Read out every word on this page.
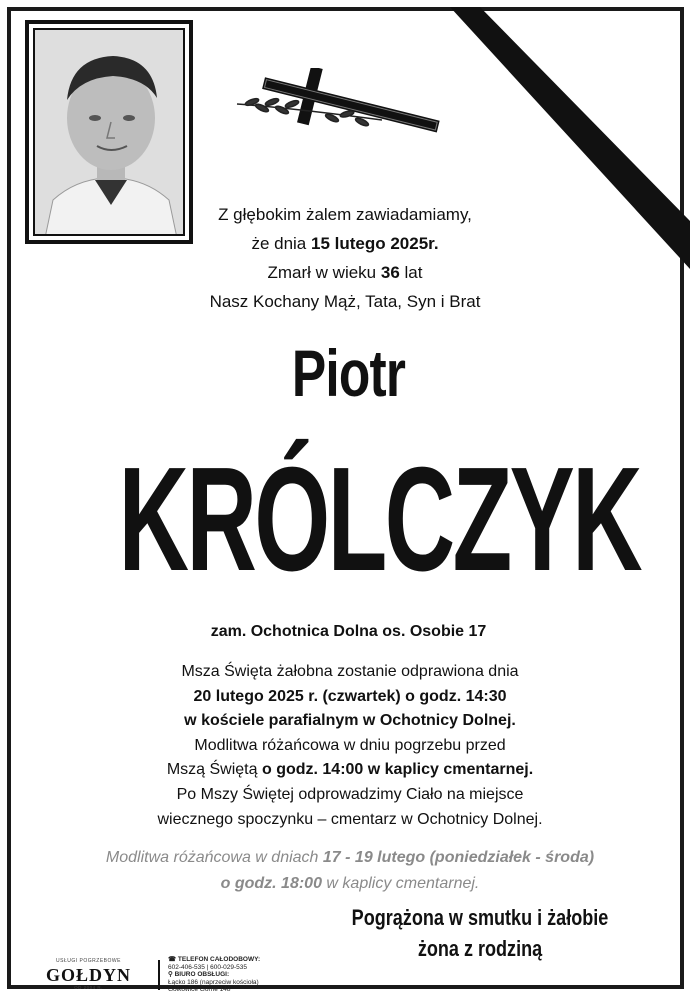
Z głębokim żalem zawiadamiamy,
że dnia 15 lutego 2025r.
Zmarł w wieku 36 lat
Nasz Kochany Mąż, Tata, Syn i Brat
Piotr
KRÓLCZYK
zam. Ochotnica Dolna os. Osobie 17
Msza Święta żałobna zostanie odprawiona dnia
20 lutego 2025 r. (czwartek) o godz. 14:30
w kościele parafialnym w Ochotnicy Dolnej.
Modlitwa różańcowa w dniu pogrzebu przed
Mszą Świętą o godz. 14:00 w kaplicy cmentarnej.
Po Mszy Świętej odprowadzimy Ciało na miejsce
wiecznego spoczynku – cmentarz w Ochotnicy Dolnej.
Modlitwa różańcowa w dniach 17 - 19 lutego (poniedziałek - środa)
o godz. 18:00 w kaplicy cmentarnej.
Pogrążona w smutku i żałobie
żona z rodziną
USŁUGI POGRZEBOWE
GOŁDYN
OD 2004 R.
☎ TELEFON CAŁODOBOWY:
602-406-535 | 600-029-535
⚲ BIURO OBSŁUGI:
Łącko 186 (naprzeciw kościoła)
Gołkowice Górne 148
